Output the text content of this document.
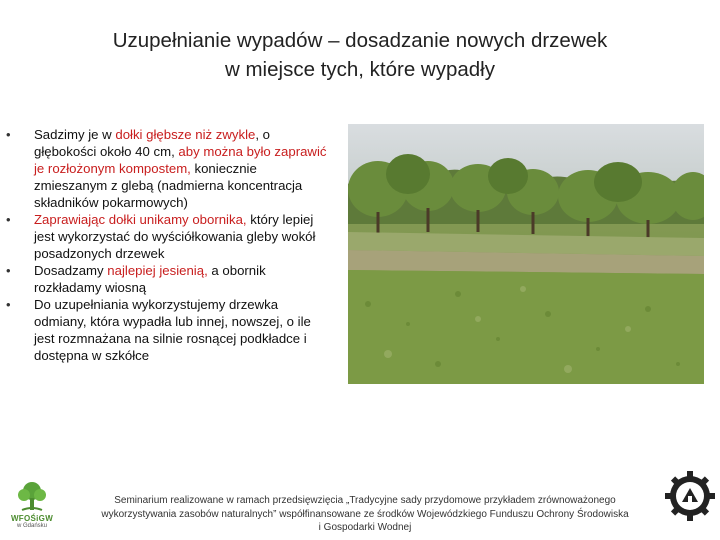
Uzupełnianie wypadów – dosadzanie nowych drzewek
w miejsce tych, które wypadły
• Sadzimy je w dołki głębsze niż zwykle, o głębokości około 40 cm, aby można było zaprawić je rozłożonym kompostem, koniecznie zmieszanym z glebą (nadmierna koncentracja składników pokarmowych)
• Zaprawiając dołki unikamy obornika, który lepiej jest wykorzystać do wyściółkowania gleby wokół posadzonych drzewek
• Dosadzamy najlepiej jesienią, a obornik rozkładamy wiosną
• Do uzupełniania wykorzystujemy drzewka odmiany, która wypadła lub innej, nowszej, o ile jest rozmnażana na silnie rosnącej podkładce i dostępna w szkółce
WFOŚiGW
w Gdańsku
Seminarium realizowane w ramach przedsięwzięcia „Tradycyjne sady przydomowe przykładem zrównoważonego
wykorzystywania zasobów naturalnych” współfinansowane ze środków Wojewódzkiego Funduszu Ochrony Środowiska
i Gospodarki Wodnej
